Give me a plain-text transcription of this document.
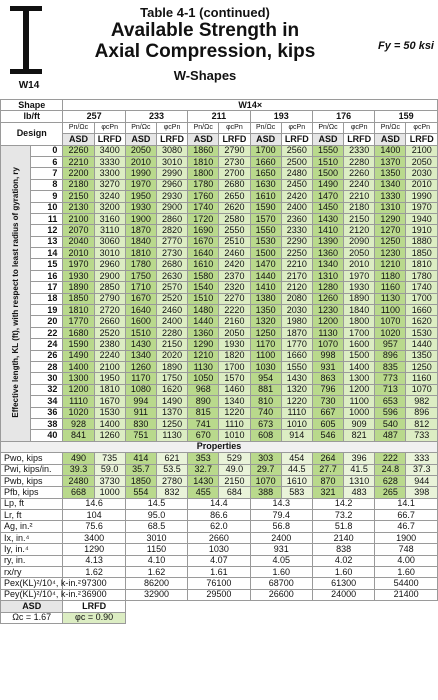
W14
Table 4-1 (continued)
Available Strength in
Axial Compression, kips
W-Shapes
Fy = 50 ksi
Shape		W14×											
lb/ft		257		233		211		193		176		159	
Design		Pn/Ωc	φcPn	Pn/Ωc	φcPn	Pn/Ωc	φcPn	Pn/Ωc	φcPn	Pn/Ωc	φcPn	Pn/Ωc	φcPn
		ASD	LRFD	ASD	LRFD	ASD	LRFD	ASD	LRFD	ASD	LRFD	ASD	LRFD
Effective length, KL (ft), with respect to least radius of gyration, ry	0	2260	3400	2050	3080	1860	2790	1700	2560	1550	2330	1400	2100
	6	2210	3330	2010	3010	1810	2730	1660	2500	1510	2280	1370	2050
	7	2200	3300	1990	2990	1800	2700	1650	2480	1500	2260	1350	2030
	8	2180	3270	1970	2960	1780	2680	1630	2450	1490	2240	1340	2010
	9	2150	3240	1950	2930	1760	2650	1610	2420	1470	2210	1330	1990
	10	2130	3200	1930	2900	1740	2620	1590	2400	1450	2180	1310	1970
	11	2100	3160	1900	2860	1720	2580	1570	2360	1430	2150	1290	1940
	12	2070	3110	1870	2820	1690	2550	1550	2330	1410	2120	1270	1910
	13	2040	3060	1840	2770	1670	2510	1530	2290	1390	2090	1250	1880
	14	2010	3010	1810	2730	1640	2460	1500	2250	1360	2050	1230	1850
	15	1970	2960	1780	2680	1610	2420	1470	2210	1340	2010	1210	1810
	16	1930	2900	1750	2630	1580	2370	1440	2170	1310	1970	1180	1780
	17	1890	2850	1710	2570	1540	2320	1410	2120	1280	1930	1160	1740
	18	1850	2790	1670	2520	1510	2270	1380	2080	1260	1890	1130	1700
	19	1810	2720	1640	2460	1480	2220	1350	2030	1230	1840	1100	1660
	20	1770	2660	1600	2400	1440	2160	1320	1980	1200	1800	1070	1620
	22	1680	2520	1510	2280	1360	2050	1250	1870	1130	1700	1020	1530
	24	1590	2380	1430	2150	1290	1930	1170	1770	1070	1600	957	1440
	26	1490	2240	1340	2020	1210	1820	1100	1660	998	1500	896	1350
	28	1400	2100	1260	1890	1130	1700	1030	1550	931	1400	835	1250
	30	1300	1950	1170	1750	1050	1570	954	1430	863	1300	773	1160
	32	1200	1810	1080	1620	968	1460	881	1320	796	1200	713	1070
	34	1110	1670	994	1490	890	1340	810	1220	730	1100	653	982
	36	1020	1530	911	1370	815	1220	740	1110	667	1000	596	896
	38	928	1400	830	1250	741	1110	673	1010	605	909	540	812
	40	841	1260	751	1130	670	1010	608	914	546	821	487	733
Properties													
Pwo, kips		490	735	414	621	353	529	303	454	264	396	222	333
Pwi, kips/in.		39.3	59.0	35.7	53.5	32.7	49.0	29.7	44.5	27.7	41.5	24.8	37.3
Pwb, kips		2480	3730	1850	2780	1430	2150	1070	1610	870	1310	628	944
Pfb, kips		668	1000	554	832	455	684	388	583	321	483	265	398
Lp, ft		14.6		14.5		14.4		14.3		14.2		14.1	
Lr, ft		104		95.0		86.6		79.4		73.2		66.7	
Ag, in.²		75.6		68.5		62.0		56.8		51.8		46.7	
Ix, in.⁴		3400		3010		2660		2400		2140		1900	
Iy, in.⁴		1290		1150		1030		931		838		748	
ry, in.		4.13		4.10		4.07		4.05		4.02		4.00	
rx/ry		1.62		1.62		1.61		1.60		1.60		1.60	
Pex(KL)²/10⁴, k-in.²		97300		86200		76100		68700		61300		54400	
Pey(KL)²/10⁴, k-in.²		36900		32900		29500		26600		24000		21400	
ASD		LRFD											
Ωc = 1.67		φc = 0.90											
